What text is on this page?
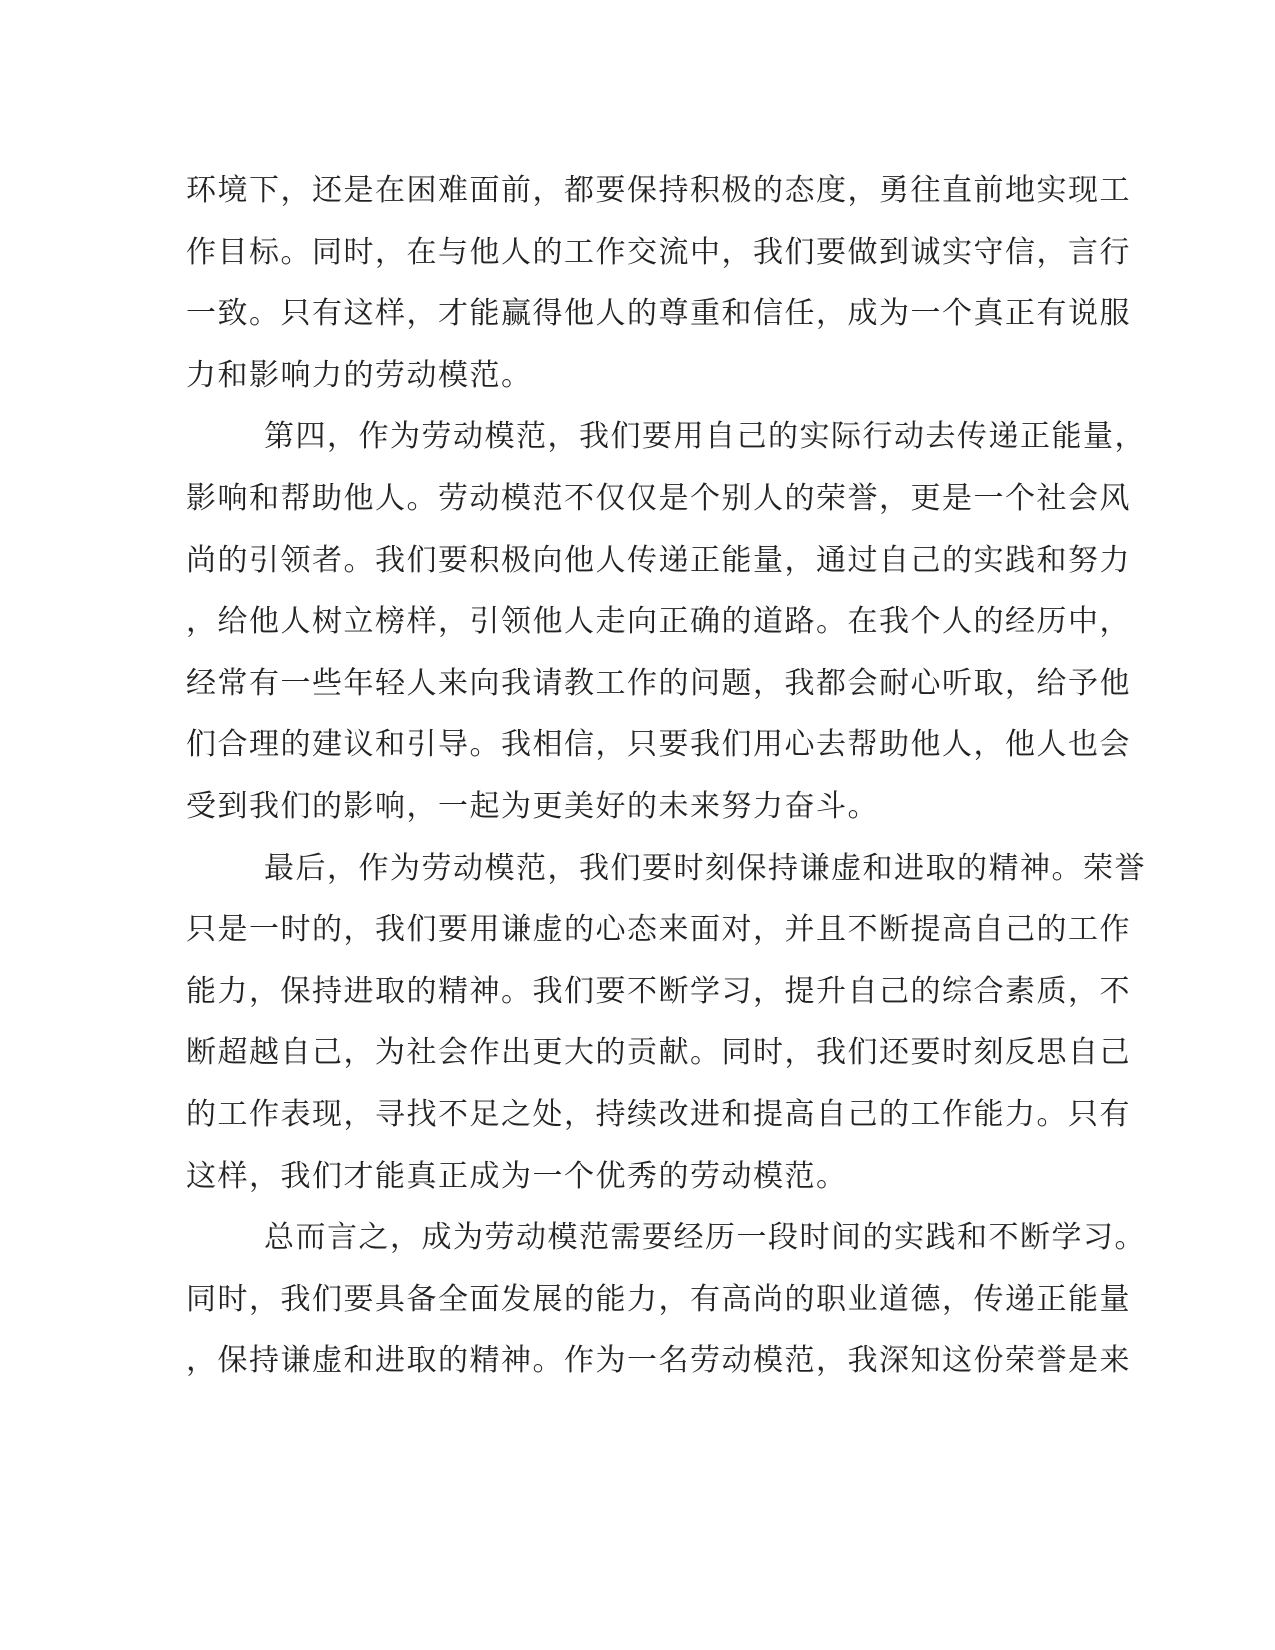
环境下，还是在困难面前，都要保持积极的态度，勇往直前地实现工
作目标。同时，在与他人的工作交流中，我们要做到诚实守信，言行
一致。只有这样，才能赢得他人的尊重和信任，成为一个真正有说服
力和影响力的劳动模范。
第四，作为劳动模范，我们要用自己的实际行动去传递正能量，
影响和帮助他人。劳动模范不仅仅是个别人的荣誉，更是一个社会风
尚的引领者。我们要积极向他人传递正能量，通过自己的实践和努力
，给他人树立榜样，引领他人走向正确的道路。在我个人的经历中，
经常有一些年轻人来向我请教工作的问题，我都会耐心听取，给予他
们合理的建议和引导。我相信，只要我们用心去帮助他人，他人也会
受到我们的影响，一起为更美好的未来努力奋斗。
最后，作为劳动模范，我们要时刻保持谦虚和进取的精神。荣誉
只是一时的，我们要用谦虚的心态来面对，并且不断提高自己的工作
能力，保持进取的精神。我们要不断学习，提升自己的综合素质，不
断超越自己，为社会作出更大的贡献。同时，我们还要时刻反思自己
的工作表现，寻找不足之处，持续改进和提高自己的工作能力。只有
这样，我们才能真正成为一个优秀的劳动模范。
总而言之，成为劳动模范需要经历一段时间的实践和不断学习。
同时，我们要具备全面发展的能力，有高尚的职业道德，传递正能量
，保持谦虚和进取的精神。作为一名劳动模范，我深知这份荣誉是来
